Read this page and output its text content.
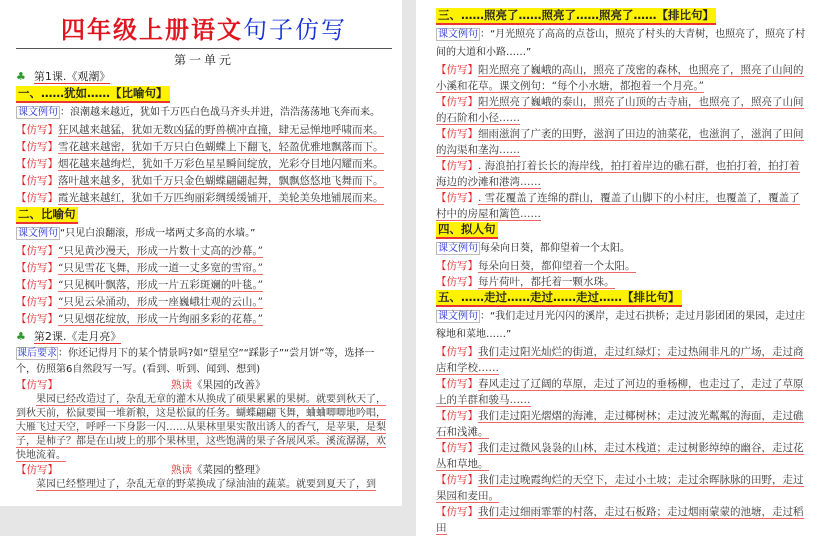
四年级上册语文句子仿写
第一单元
♣ 第1课.《观潮》
一、……犹如……【比喻句】
课文例句 ：浪潮越来越近，犹如千万匹白色战马齐头并进，浩浩荡荡地飞奔而来。
【仿写】狂风越来越猛，犹如无数凶猛的野兽横冲直撞，肆无忌惮地呼啸而来。
【仿写】雪花越来越密，犹如千万只白色蝴蝶上下翻飞，轻盈优雅地飘落而下。
【仿写】烟花越来越绚烂，犹如千万彩色星星瞬间绽放，光彩夺目地闪耀而来。
【仿写】落叶越来越多，犹如千万只金色蝴蝶翩翩起舞，飘飘悠悠地飞舞而下。
【仿写】霞光越来越红，犹如千万匹绚丽彩绸缓缓铺开，美轮美奂地铺展而来。
二、比喻句
课文例句 “只见白浪翻滚，形成一堵两丈多高的水墙。”
【仿写】“只见黄沙漫天，形成一片数十丈高的沙幕。”
【仿写】“只见雪花飞舞，形成一道一丈多宽的雪帘。”
【仿写】“只见枫叶飘落，形成一片五彩斑斓的叶毯。”
【仿写】“只见云朵涌动，形成一座巍峨壮观的云山。”
【仿写】“只见烟花绽放，形成一片绚丽多彩的花幕。”
♣ 第2课.《走月亮》
课后要求：你还记得月下的某个情景吗?如“望星空”“踩影子”“尝月饼”等，选择一个，仿照第6自然段写一写。(看到、听到、闻到、想到)
【仿写】	熟读《果园的改善》
果园已经改造过了，杂乱无章的灌木从换成了硕果累累的果树。就要到秋天了，到秋天前，松鼠要囤一堆新粮，这是松鼠的任务。蝴蝶翩翩飞舞，蛐蛐唧唧地吟唱，大雁飞过天空，呼呼一下身影一闪……从果林里果实散出诱人的香气，是苹果，是梨子，是柿子？都是在山坡上的那个果林里，这些饱满的果子各展风采。溪流潺潺，欢快地流着。
【仿写】	熟读《菜园的整理》
菜园已经整理过了，杂乱无章的野菜换成了绿油油的蔬菜。就要到夏天了，到
三、……照亮了……照亮了……照亮了……【排比句】
课文例句 ：“月光照亮了高高的点苍山，照亮了村头的大青树，也照亮了，照亮了村间的大道和小路……”
【仿写】阳光照亮了巍峨的高山，照亮了茂密的森林，也照亮了，照亮了山间的小溪和花草。课文例句：“每个小水塘，都抱着一个月亮。”
【仿写】阳光照亮了巍峨的泰山，照亮了山顶的古寺庙，也照亮了，照亮了山间的石阶和小径……
【仿写】细雨滋润了广袤的田野，滋润了田边的油菜花，也滋润了，滋润了田间的沟渠和垄沟……
【仿写】. 海浪拍打着长长的海岸线，拍打着岸边的礁石群，也拍打着，拍打着海边的沙滩和港湾……
【仿写】. 雪花覆盖了连绵的群山，覆盖了山脚下的小村庄，也覆盖了，覆盖了村中的房屋和篱笆……
四、拟人句
课文例句 每朵向日葵，都仰望着一个太阳。
【仿写】每朵向日葵，都仰望着一个太阳。
【仿写】每片荷叶，都托着一颗水珠。
五、……走过……走过……走过……【排比句】
课文例句 ：“我们走过月光闪闪的溪岸，走过石拱桥；走过月影团团的果园，走过庄稼地和菜地……”
【仿写】我们走过阳光灿烂的街道，走过红绿灯；走过热闹非凡的广场，走过商店和学校……
【仿写】春风走过了辽阔的草原，走过了河边的垂杨柳，也走过了，走过了草原上的羊群和骏马……
【仿写】我们走过阳光熠熠的海滩，走过椰树林；走过波光粼粼的海面，走过礁石和浅滩。
【仿写】我们走过微风袅袅的山林，走过木栈道；走过树影绰绰的幽谷，走过花丛和草地。
【仿写】我们走过晚霞绚烂的天空下，走过小土坡；走过余晖脉脉的田野，走过果园和麦田。
【仿写】我们走过细雨霏霏的村落，走过石板路；走过烟雨蒙蒙的池塘，走过稻田
